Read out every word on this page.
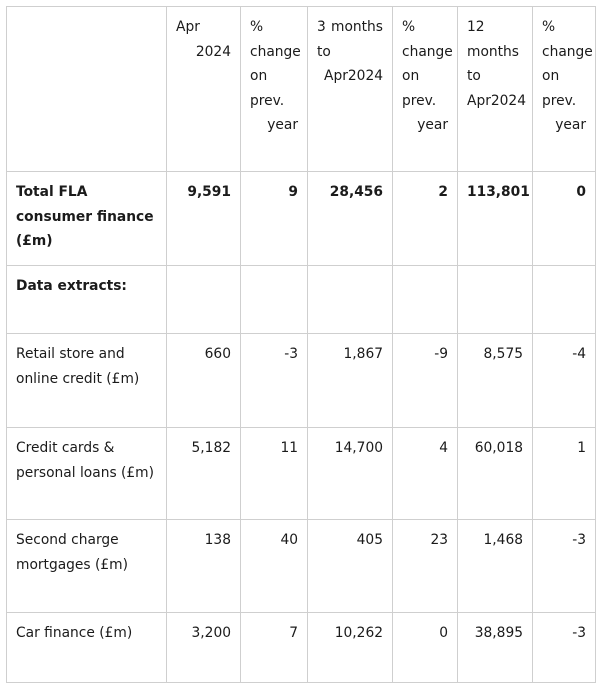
	Apr 2024	% change on prev. year	3 months to Apr2024	% change on prev. year	12 months to Apr2024	% change on prev. year

Total FLA consumer finance (£m)	9,591	9	28,456	2	113,801	0
Data extracts:						
Retail store and online credit (£m)	660	-3	1,867	-9	8,575	-4
Credit cards & personal loans (£m)	5,182	11	14,700	4	60,018	1
Second charge mortgages (£m)	138	40	405	23	1,468	-3
Car finance (£m)	3,200	7	10,262	0	38,895	-3
